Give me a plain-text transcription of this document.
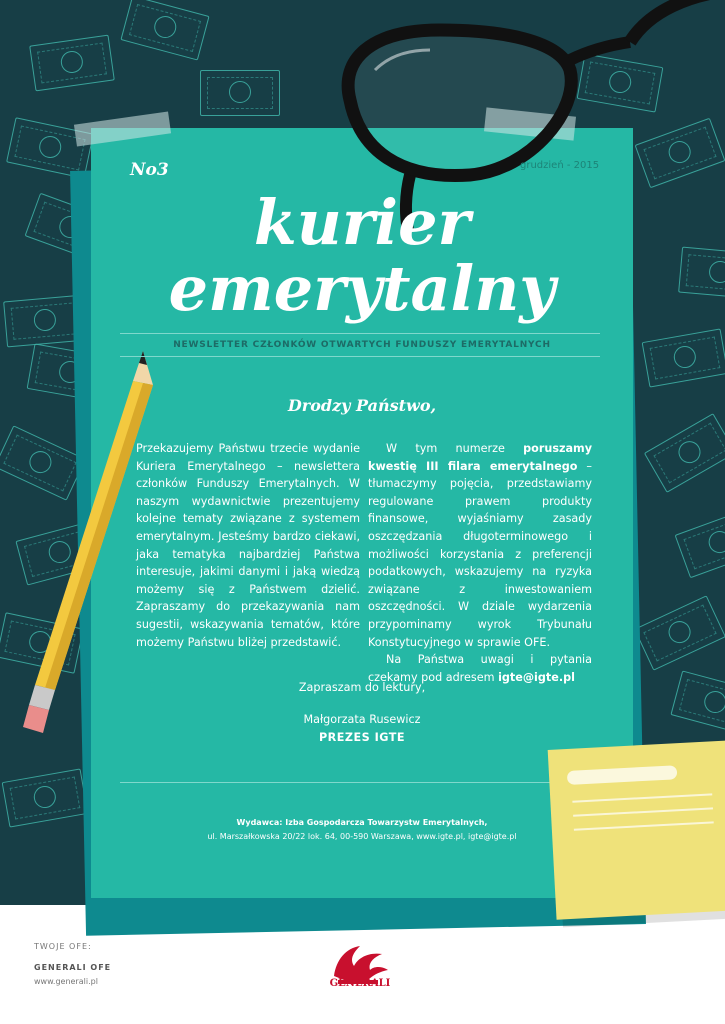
No3	grudzień - 2015
kurier
emerytalny
NEWSLETTER CZŁONKÓW OTWARTYCH FUNDUSZY EMERYTALNYCH
Drodzy Państwo,

Przekazujemy Państwu trzecie wydanie Kuriera Emerytalnego – newslettera członków Funduszy Emerytalnych. W naszym wydawnictwie prezentujemy kolejne tematy związane z systemem emerytalnym. Jesteśmy bardzo ciekawi, jaka tematyka najbardziej Państwa interesuje, jakimi danymi i jaką wiedzą możemy się z Państwem dzielić. Zapraszamy do przekazywania nam sugestii, wskazywania tematów, które możemy Państwu bliżej przedstawić.

W tym numerze poruszamy kwestię III filara emerytalnego – tłumaczymy pojęcia, przedstawiamy regulowane prawem produkty finansowe, wyjaśniamy zasady oszczędzania długoterminowego i możliwości korzystania z preferencji podatkowych, wskazujemy na ryzyka związane z inwestowaniem oszczędności. W dziale wydarzenia przypominamy wyrok Trybunału Konstytucyjnego w sprawie OFE.

Na Państwa uwagi i pytania czekamy pod adresem igte@igte.pl

Zapraszam do lektury,
Małgorzata Rusewicz
PREZES IGTE
Wydawca: Izba Gospodarcza Towarzystw Emerytalnych,
ul. Marszałkowska 20/22 lok. 64, 00-590 Warszawa, www.igte.pl, igte@igte.pl
TWOJE OFE:
GENERALI OFE
www.generali.pl	GENERALI
